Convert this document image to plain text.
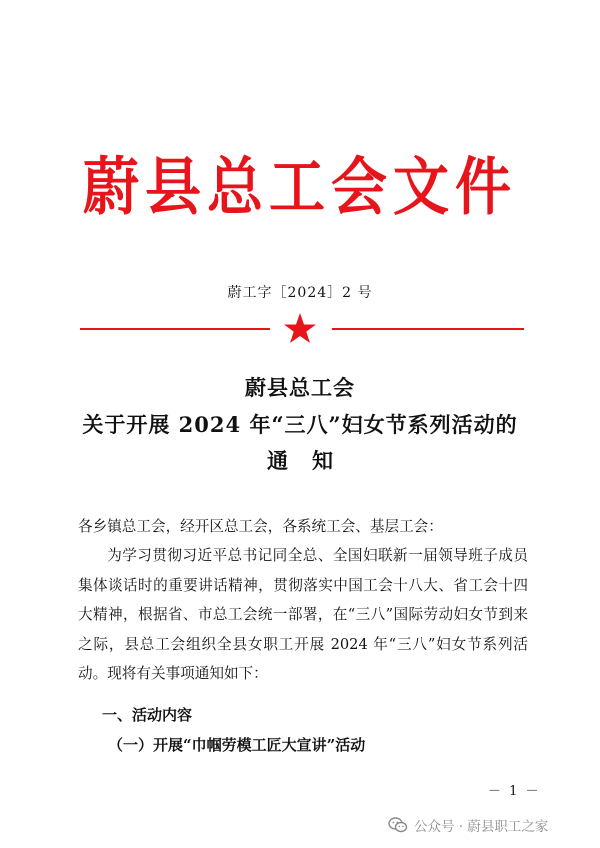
蔚县总工会文件
蔚工字［2024］2 号
蔚县总工会
关于开展 2024 年“三八”妇女节系列活动的
通知
各乡镇总工会，经开区总工会，各系统工会、基层工会：
为学习贯彻习近平总书记同全总、全国妇联新一届领导班子成员集体谈话时的重要讲话精神，贯彻落实中国工会十八大、省工会十四大精神，根据省、市总工会统一部署，在“三八”国际劳动妇女节到来之际，县总工会组织全县女职工开展 2024 年“三八”妇女节系列活动。现将有关事项通知如下：
一、活动内容
（一）开展“巾帼劳模工匠大宣讲”活动
－ 1 －
公众号 · 蔚县职工之家
